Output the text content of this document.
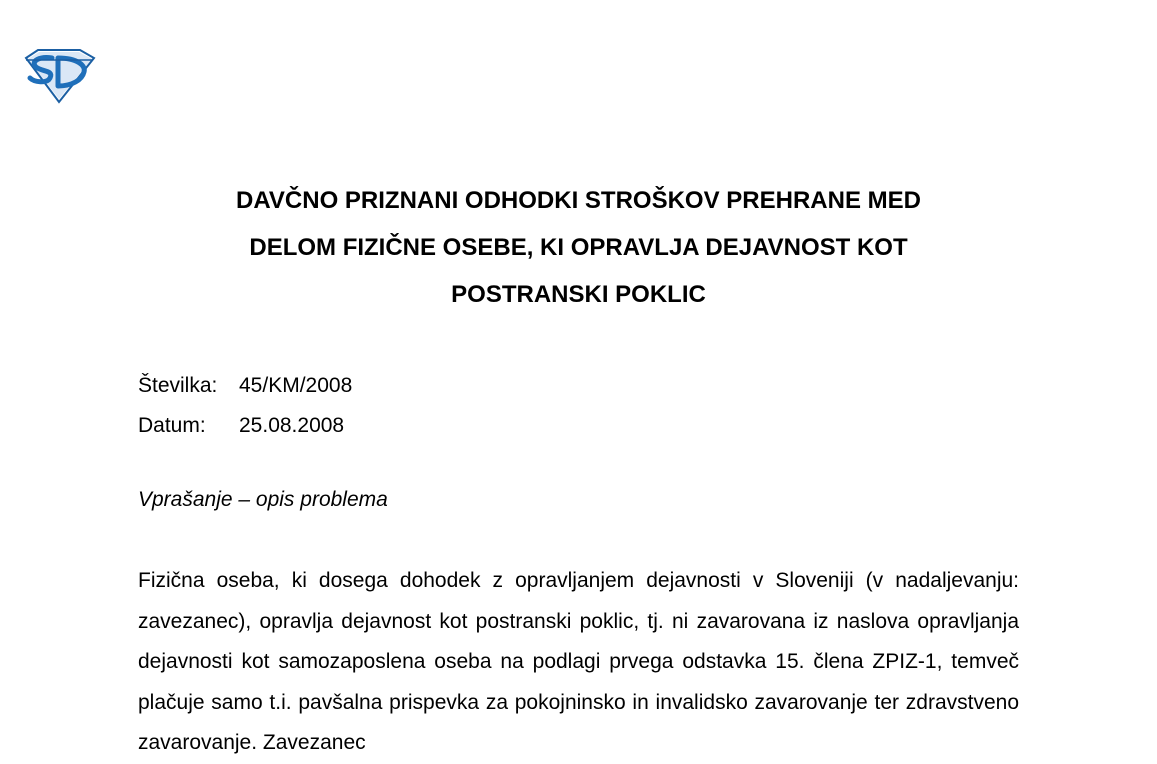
DAVČNO PRIZNANI ODHODKI STROŠKOV PREHRANE MED
DELOM FIZIČNE OSEBE, KI OPRAVLJA DEJAVNOST KOT
POSTRANSKI POKLIC
Številka:	45/KM/2008
Datum:	25.08.2008
Vprašanje – opis problema

Fizična oseba, ki dosega dohodek z opravljanjem dejavnosti v Sloveniji (v nadaljevanju: zavezanec), opravlja dejavnost kot postranski poklic, tj. ni zavarovana iz naslova opravljanja dejavnosti kot samozaposlena oseba na podlagi prvega odstavka 15. člena ZPIZ-1, temveč plačuje samo t.i. pavšalna prispevka za pokojninsko in invalidsko zavarovanje ter zdravstveno zavarovanje. Zavezanec
